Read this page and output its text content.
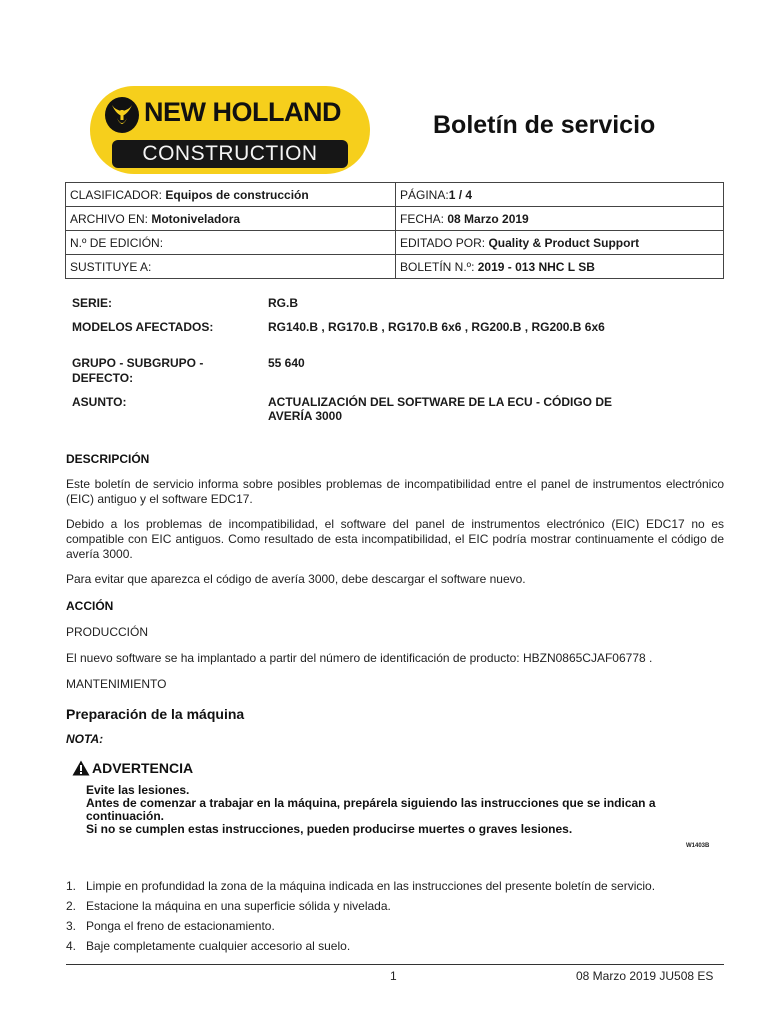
NEW HOLLAND
CONSTRUCTION
Boletín de servicio
CLASIFICADOR: Equipos de construcción	PÁGINA:1 / 4
ARCHIVO EN: Motoniveladora	FECHA: 08 Marzo 2019
N.º DE EDICIÓN:	EDITADO POR: Quality & Product Support
SUSTITUYE A:	BOLETÍN N.º: 2019 - 013 NHC L SB
SERIE:	RG.B
MODELOS AFECTADOS:	RG140.B , RG170.B , RG170.B 6x6 , RG200.B , RG200.B 6x6
GRUPO - SUBGRUPO - DEFECTO:
55 640
ASUNTO:	ACTUALIZACIÓN DEL SOFTWARE DE LA ECU - CÓDIGO DE AVERÍA 3000
DESCRIPCIÓN
Este boletín de servicio informa sobre posibles problemas de incompatibilidad entre el panel de instrumentos electrónico (EIC) antiguo y el software EDC17.
Debido a los problemas de incompatibilidad, el software del panel de instrumentos electrónico (EIC) EDC17 no es compatible con EIC antiguos. Como resultado de esta incompatibilidad, el EIC podría mostrar continuamente el código de avería 3000.
Para evitar que aparezca el código de avería 3000, debe descargar el software nuevo.
ACCIÓN
PRODUCCIÓN
El nuevo software se ha implantado a partir del número de identificación de producto: HBZN0865CJAF06778 .
MANTENIMIENTO
Preparación de la máquina
NOTA:
ADVERTENCIA
Evite las lesiones.
Antes de comenzar a trabajar en la máquina, prepárela siguiendo las instrucciones que se indican a continuación.
Si no se cumplen estas instrucciones, pueden producirse muertes o graves lesiones.
W1403B
1. Limpie en profundidad la zona de la máquina indicada en las instrucciones del presente boletín de servicio.
2. Estacione la máquina en una superficie sólida y nivelada.
3. Ponga el freno de estacionamiento.
4. Baje completamente cualquier accesorio al suelo.
1	08 Marzo 2019 JU508 ES
